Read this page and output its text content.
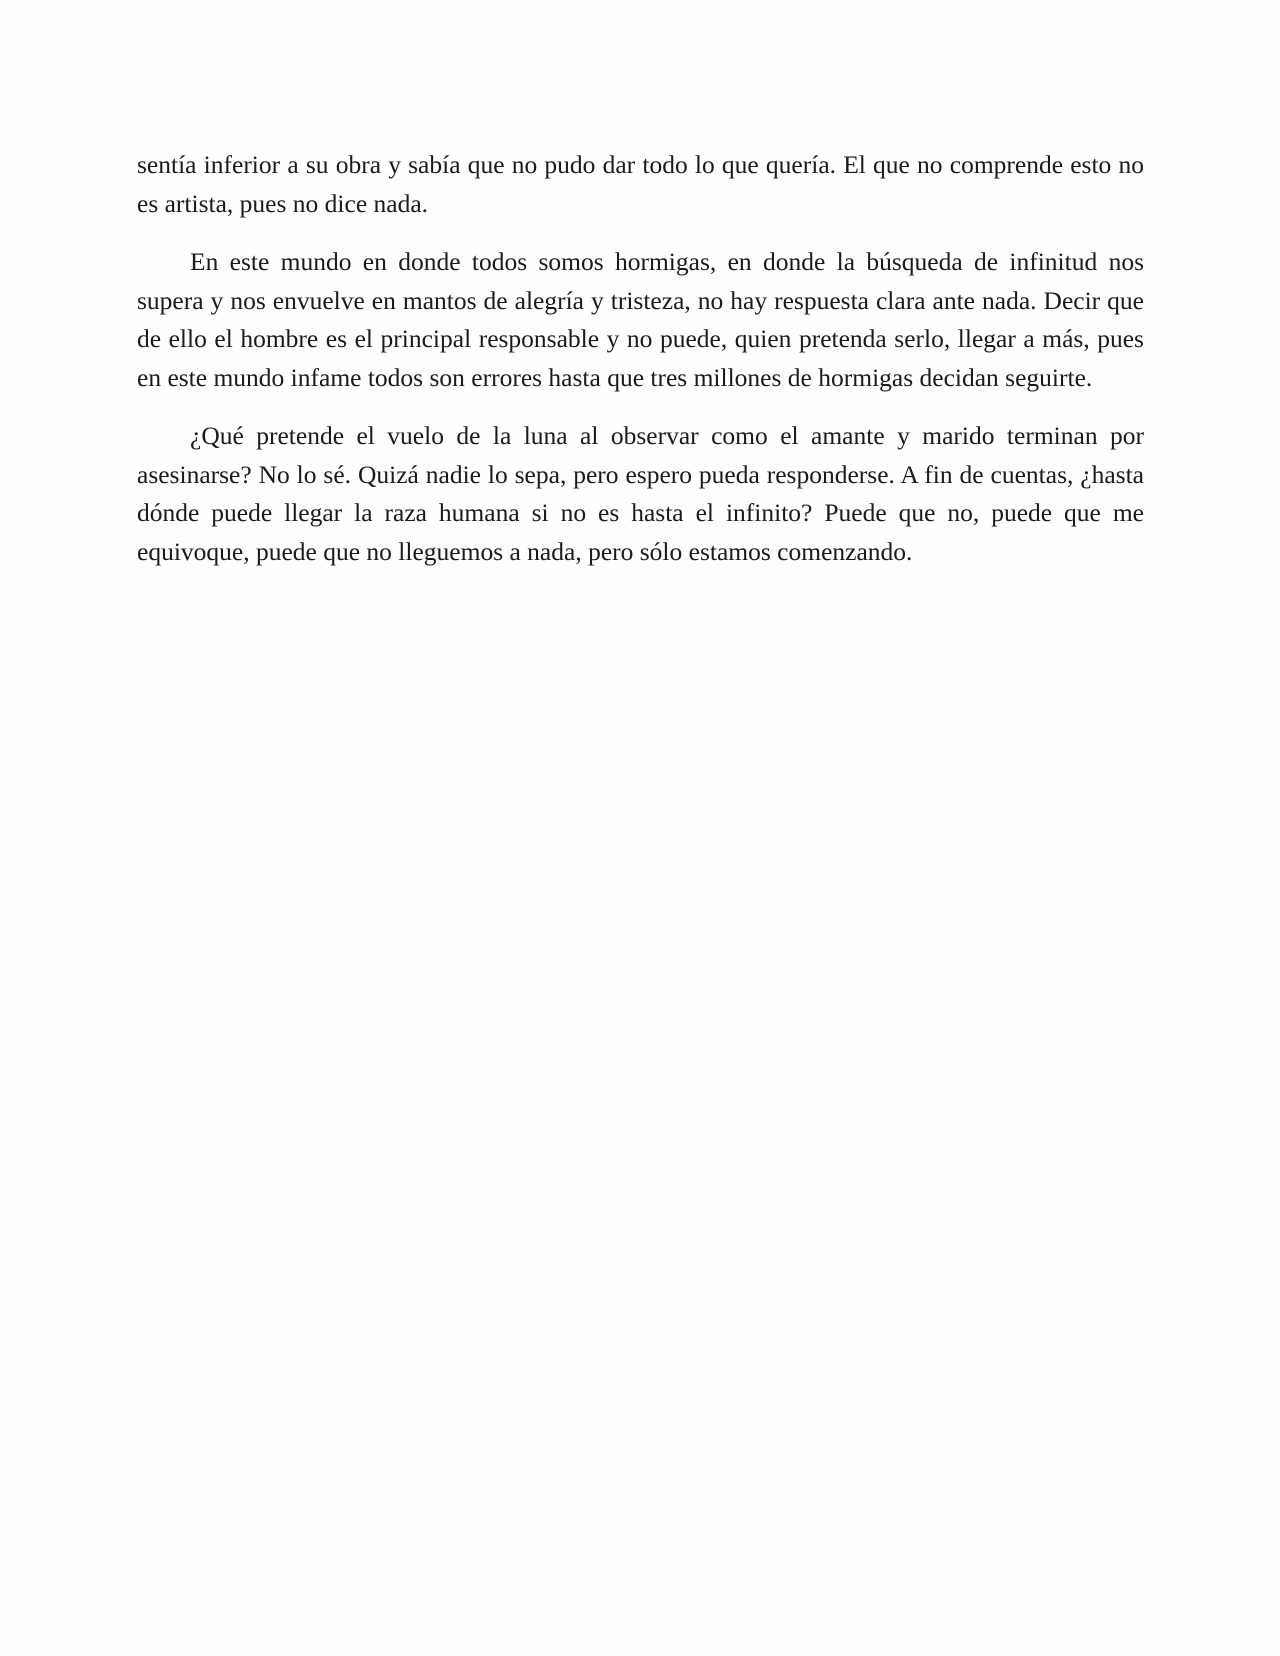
sentía inferior a su obra y sabía que no pudo dar todo lo que quería. El que no comprende esto no es artista, pues no dice nada.

En este mundo en donde todos somos hormigas, en donde la búsqueda de infinitud nos supera y nos envuelve en mantos de alegría y tristeza, no hay respuesta clara ante nada. Decir que de ello el hombre es el principal responsable y no puede, quien pretenda serlo, llegar a más, pues en este mundo infame todos son errores hasta que tres millones de hormigas decidan seguirte.

¿Qué pretende el vuelo de la luna al observar como el amante y marido terminan por asesinarse? No lo sé. Quizá nadie lo sepa, pero espero pueda responderse. A fin de cuentas, ¿hasta dónde puede llegar la raza humana si no es hasta el infinito? Puede que no, puede que me equivoque, puede que no lleguemos a nada, pero sólo estamos comenzando.
